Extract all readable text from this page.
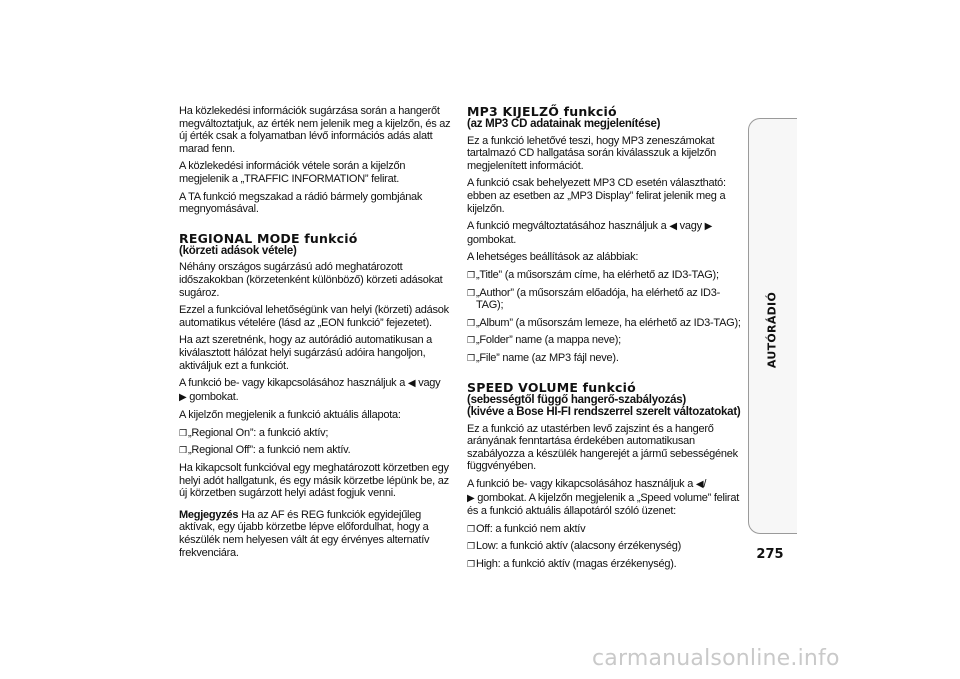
Ha közlekedési információk sugárzása során a hangerőt megváltoztatjuk, az érték nem jelenik meg a kijelzőn, és az új érték csak a folyamatban lévő információs adás alatt marad fenn.

A közlekedési információk vétele során a kijelzőn megjelenik a „TRAFFIC INFORMATION” felirat.

A TA funkció megszakad a rádió bármely gombjának megnyomásával.

REGIONAL MODE funkció
(körzeti adások vétele)

Néhány országos sugárzású adó meghatározott időszakokban (körzetenként különböző) körzeti adásokat sugároz.

Ezzel a funkcióval lehetőségünk van helyi (körzeti) adások automatikus vételére (lásd az „EON funkció” fejezetet).

Ha azt szeretnénk, hogy az autórádió automatikusan a kiválasztott hálózat helyi sugárzású adóira hangoljon, aktiváljuk ezt a funkciót.

A funkció be- vagy kikapcsolásához használjuk a ◀ vagy
▶ gombokat.

A kijelzőn megjelenik a funkció aktuális állapota:

❒ „Regional On”: a funkció aktív;
❒ „Regional Off”: a funkció nem aktív.

Ha kikapcsolt funkcióval egy meghatározott körzetben egy helyi adót hallgatunk, és egy másik körzetbe lépünk be, az új körzetben sugárzott helyi adást fogjuk venni.

Megjegyzés Ha az AF és REG funkciók egyidejűleg aktívak, egy újabb körzetbe lépve előfordulhat, hogy a készülék nem helyesen vált át egy érvényes alternatív frekvenciára.

MP3 KIJELZŐ funkció
(az MP3 CD adatainak megjelenítése)

Ez a funkció lehetővé teszi, hogy MP3 zeneszámokat tartalmazó CD hallgatása során kiválasszuk a kijelzőn megjelenített információt.

A funkció csak behelyezett MP3 CD esetén választható: ebben az esetben az „MP3 Display” felirat jelenik meg a kijelzőn.

A funkció megváltoztatásához használjuk a ◀ vagy ▶ gombokat.

A lehetséges beállítások az alábbiak:

❒ „Title” (a műsorszám címe, ha elérhető az ID3-TAG);
❒ „Author” (a műsorszám előadója, ha elérhető az ID3-TAG);
❒ „Album” (a műsorszám lemeze, ha elérhető az ID3-TAG);
❒ „Folder” name (a mappa neve);
❒ „File” name (az MP3 fájl neve).
SPEED VOLUME funkció
(sebességtől függő hangerő-szabályozás)
(kivéve a Bose HI-FI rendszerrel szerelt változatokat)

Ez a funkció az utastérben levő zajszint és a hangerő arányának fenntartása érdekében automatikusan szabályozza a készülék hangerejét a jármű sebességének függvényében.

A funkció be- vagy kikapcsolásához használjuk a ◀/
▶ gombokat. A kijelzőn megjelenik a „Speed volume” felirat és a funkció aktuális állapotáról szóló üzenet:

❒ Off: a funkció nem aktív
❒ Low: a funkció aktív (alacsony érzékenység)
❒ High: a funkció aktív (magas érzékenység).
AUTÓRÁDIÓ
275
carmanualsonline.info
